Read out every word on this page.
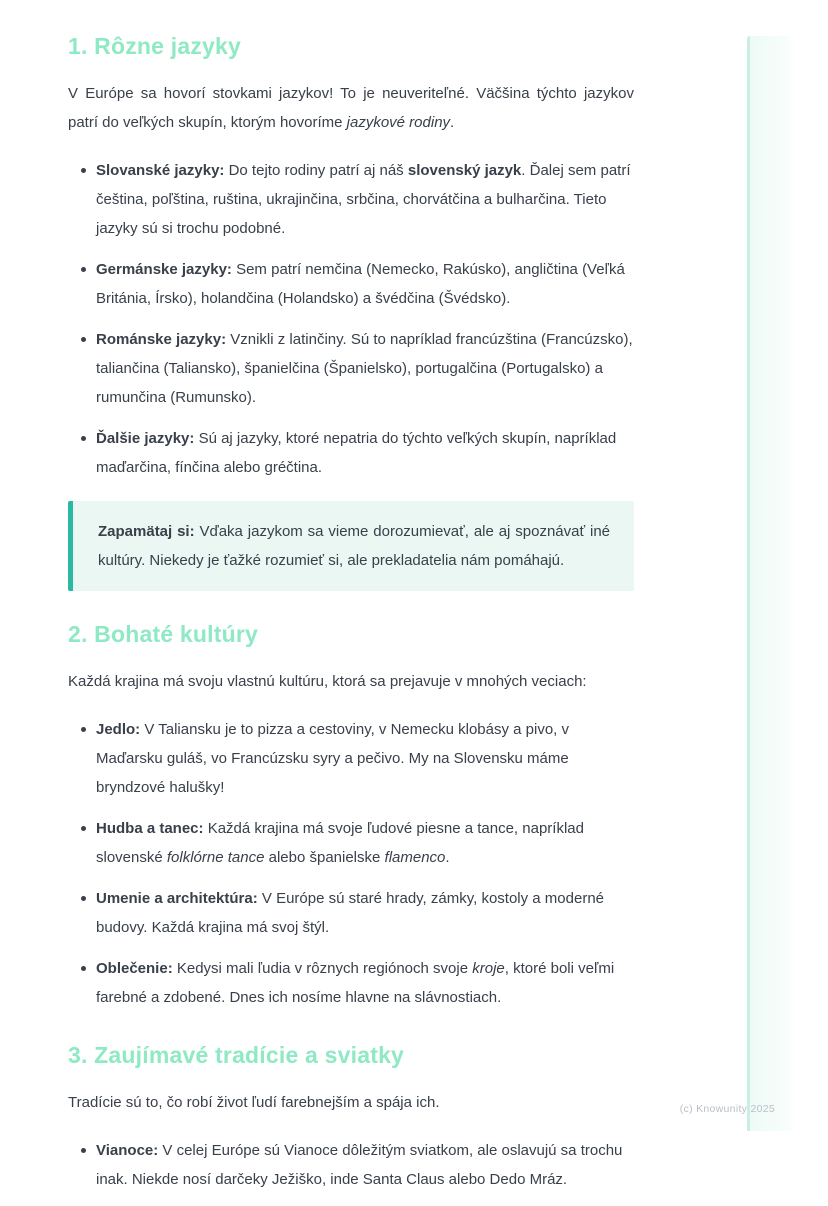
1. Rôzne jazyky

V Európe sa hovorí stovkami jazykov! To je neuveriteľné. Väčšina týchto jazykov patrí do veľkých skupín, ktorým hovoríme jazykové rodiny.

Slovanské jazyky: Do tejto rodiny patrí aj náš slovenský jazyk. Ďalej sem patrí čeština, poľština, ruština, ukrajinčina, srbčina, chorvátčina a bulharčina. Tieto jazyky sú si trochu podobné.
Germánske jazyky: Sem patrí nemčina (Nemecko, Rakúsko), angličtina (Veľká Británia, Írsko), holandčina (Holandsko) a švédčina (Švédsko).
Románske jazyky: Vznikli z latinčiny. Sú to napríklad francúzština (Francúzsko), taliančina (Taliansko), španielčina (Španielsko), portugalčina (Portugalsko) a rumunčina (Rumunsko).
Ďalšie jazyky: Sú aj jazyky, ktoré nepatria do týchto veľkých skupín, napríklad maďarčina, fínčina alebo gréčtina.

Zapamätaj si: Vďaka jazykom sa vieme dorozumievať, ale aj spoznávať iné kultúry. Niekedy je ťažké rozumieť si, ale prekladatelia nám pomáhajú.

2. Bohaté kultúry

Každá krajina má svoju vlastnú kultúru, ktorá sa prejavuje v mnohých veciach:

Jedlo: V Taliansku je to pizza a cestoviny, v Nemecku klobásy a pivo, v Maďarsku guláš, vo Francúzsku syry a pečivo. My na Slovensku máme bryndzové halušky!
Hudba a tanec: Každá krajina má svoje ľudové piesne a tance, napríklad slovenské folklórne tance alebo španielske flamenco.
Umenie a architektúra: V Európe sú staré hrady, zámky, kostoly a moderné budovy. Každá krajina má svoj štýl.
Oblečenie: Kedysi mali ľudia v rôznych regiónoch svoje kroje, ktoré boli veľmi farebné a zdobené. Dnes ich nosíme hlavne na slávnostiach.
3. Zaujímavé tradície a sviatky

Tradície sú to, čo robí život ľudí farebnejším a spája ich.

Vianoce: V celej Európe sú Vianoce dôležitým sviatkom, ale oslavujú sa trochu inak. Niekde nosí darčeky Ježiško, inde Santa Claus alebo Dedo Mráz.
(c) Knowunity 2025
